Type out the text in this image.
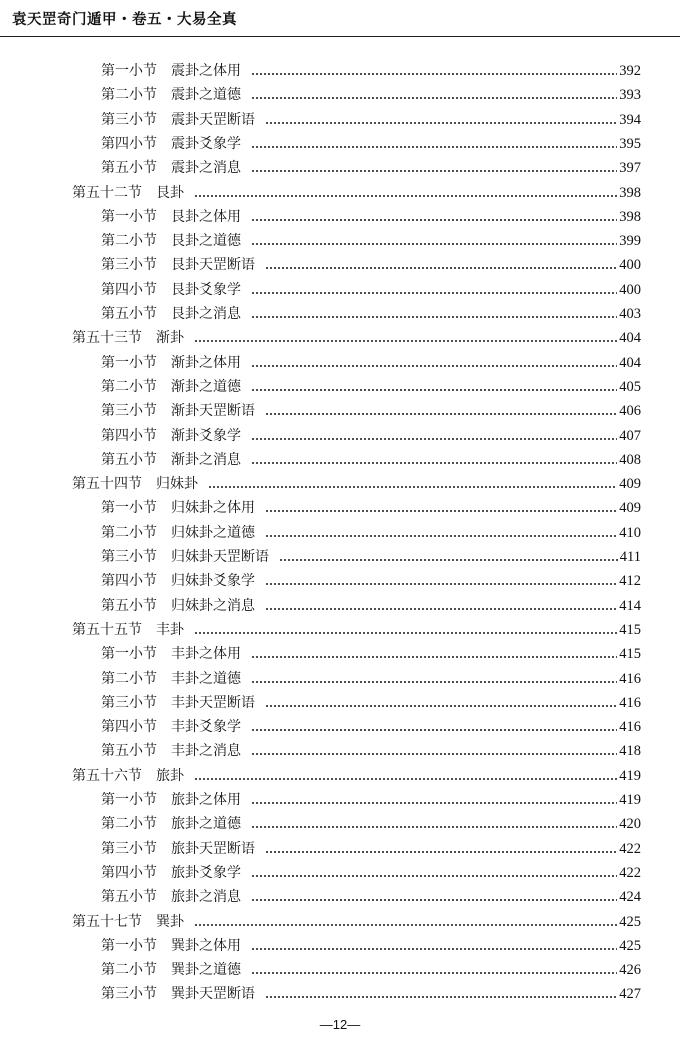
袁天罡奇门遁甲・卷五・大易全真
第一小节 震卦之体用	392
第二小节 震卦之道德	393
第三小节 震卦天罡断语	394
第四小节 震卦爻象学	395
第五小节 震卦之消息	397
第五十二节 艮卦	398
第一小节 艮卦之体用	398
第二小节 艮卦之道德	399
第三小节 艮卦天罡断语	400
第四小节 艮卦爻象学	400
第五小节 艮卦之消息	403
第五十三节 渐卦	404
第一小节 渐卦之体用	404
第二小节 渐卦之道德	405
第三小节 渐卦天罡断语	406
第四小节 渐卦爻象学	407
第五小节 渐卦之消息	408
第五十四节 归妹卦	409
第一小节 归妹卦之体用	409
第二小节 归妹卦之道德	410
第三小节 归妹卦天罡断语	411
第四小节 归妹卦爻象学	412
第五小节 归妹卦之消息	414
第五十五节 丰卦	415
第一小节 丰卦之体用	415
第二小节 丰卦之道德	416
第三小节 丰卦天罡断语	416
第四小节 丰卦爻象学	416
第五小节 丰卦之消息	418
第五十六节 旅卦	419
第一小节 旅卦之体用	419
第二小节 旅卦之道德	420
第三小节 旅卦天罡断语	422
第四小节 旅卦爻象学	422
第五小节 旅卦之消息	424
第五十七节 巽卦	425
第一小节 巽卦之体用	425
第二小节 巽卦之道德	426
第三小节 巽卦天罡断语	427
—12—
